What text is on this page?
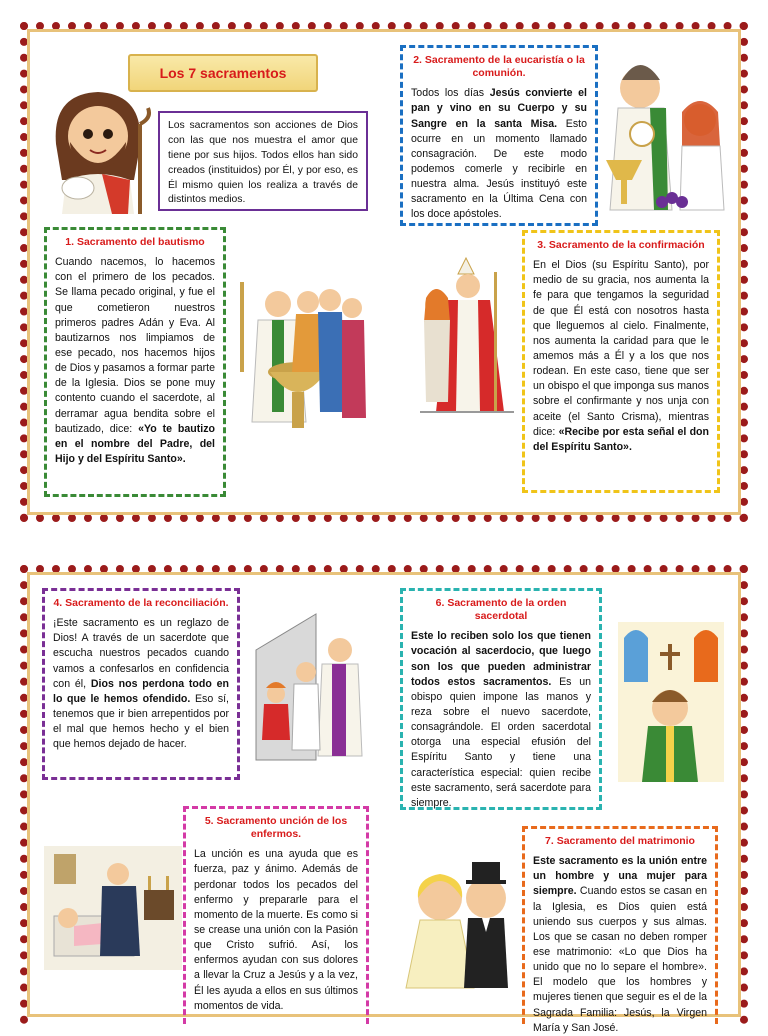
Los 7 sacramentos

Los sacramentos son acciones de Dios con las que nos muestra el amor que tiene por sus hijos. Todos ellos han sido creados (instituidos) por Él, y por eso, es Él mismo quien los realiza a través de distintos medios.

1. Sacramento del bautismo

Cuando nacemos, lo hacemos con el primero de los pecados. Se llama pecado original, y fue el que cometieron nuestros primeros padres Adán y Eva. Al bautizarnos nos limpiamos de ese pecado, nos hacemos hijos de Dios y pasamos a formar parte de la Iglesia. Dios se pone muy contento cuando el sacerdote, al derramar agua bendita sobre el bautizado, dice: «Yo te bautizo en el nombre del Padre, del Hijo y del Espíritu Santo».

2. Sacramento de la eucaristía o la comunión.

Todos los días Jesús convierte el pan y vino en su Cuerpo y su Sangre en la santa Misa. Esto ocurre en un momento llamado consagración. De este modo podemos comerle y recibirle en nuestra alma. Jesús instituyó este sacramento en la Última Cena con los doce apóstoles.

3. Sacramento de la confirmación

En el Dios (su Espíritu Santo), por medio de su gracia, nos aumenta la fe para que tengamos la seguridad de que Él está con nosotros hasta que lleguemos al cielo. Finalmente, nos aumenta la caridad para que le amemos más a Él y a los que nos rodean. En este caso, tiene que ser un obispo el que imponga sus manos sobre el confirmante y nos unja con aceite (el Santo Crisma), mientras dice: «Recibe por esta señal el don del Espíritu Santo».

4. Sacramento de la reconciliación.

¡Este sacramento es un reglazo de Dios! A través de un sacerdote que escucha nuestros pecados cuando vamos a confesarlos en confidencia con él, Dios nos perdona todo en lo que le hemos ofendido. Eso sí, tenemos que ir bien arrepentidos por el mal que hemos hecho y el bien que hemos dejado de hacer.

6. Sacramento de la orden sacerdotal

Este lo reciben solo los que tienen vocación al sacerdocio, que luego son los que pueden administrar todos estos sacramentos. Es un obispo quien impone las manos y reza sobre el nuevo sacerdote, consagrándole. El orden sacerdotal otorga una especial efusión del Espíritu Santo y tiene una característica especial: quien recibe este sacramento, será sacerdote para siempre.

5. Sacramento unción de los enfermos.

La unción es una ayuda que es fuerza, paz y ánimo. Además de perdonar todos los pecados del enfermo y prepararle para el momento de la muerte. Es como si se crease una unión con la Pasión que Cristo sufrió. Así, los enfermos ayudan con sus dolores a llevar la Cruz a Jesús y a la vez, Él les ayuda a ellos en sus últimos momentos de vida.

7. Sacramento del matrimonio

Este sacramento es la unión entre un hombre y una mujer para siempre. Cuando estos se casan en la Iglesia, es Dios quien está uniendo sus cuerpos y sus almas. Los que se casan no deben romper ese matrimonio: «Lo que Dios ha unido que no lo separe el hombre». El modelo que los hombres y mujeres tienen que seguir es el de la Sagrada Familia: Jesús, la Virgen María y San José.
